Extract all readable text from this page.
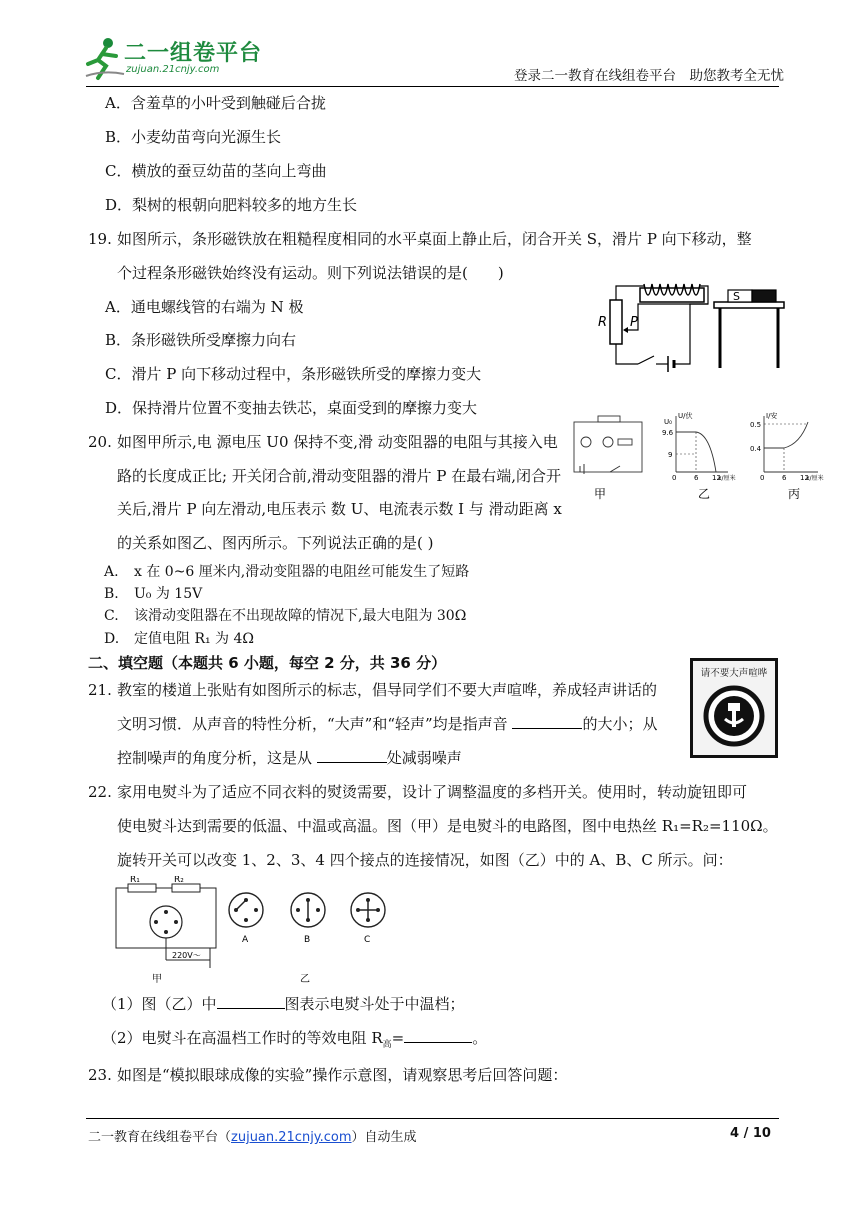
二一组卷平台
zujuan.21cnjy.com	登录二一教育在线组卷平台　助您教考全无忧
A．含羞草的小叶受到触碰后合拢
B．小麦幼苗弯向光源生长
C．横放的蚕豆幼苗的茎向上弯曲
D．梨树的根朝向肥料较多的地方生长
19. 如图所示，条形磁铁放在粗糙程度相同的水平桌面上静止后，闭合开关 S，滑片 P 向下移动，整
个过程条形磁铁始终没有运动。则下列说法错误的是(　　)
A．通电螺线管的右端为 N 极
B．条形磁铁所受摩擦力向右
C．滑片 P 向下移动过程中，条形磁铁所受的摩擦力变大
D．保持滑片位置不变抽去铁芯，桌面受到的摩擦力变大
R P
S
20. 如图甲所示,电 源电压 U0 保持不变,滑 动变阻器的电阻与其接入电
路的长度成正比; 开关闭合前,滑动变阻器的滑片 P 在最右端,闭合开
关后,滑片 P 向左滑动,电压表示 数 U、电流表示数 I 与 滑动距离 x
的关系如图乙、图丙所示。下列说法正确的是( )
A. x 在 0~6 厘米内,滑动变阻器的电阻丝可能发生了短路
B. U₀ 为 15V
C. 该滑动变阻器在不出现故障的情况下,最大电阻为 30Ω
D. 定值电阻 R₁ 为 4Ω
甲
U/伏
U₀
9.6
9
0	6 12
x/厘米
乙
I/安
0.5
0.4
0	6 12
x/厘米
丙
二、填空题（本题共 6 小题，每空 2 分，共 36 分）
21. 教室的楼道上张贴有如图所示的标志，倡导同学们不要大声喧哗，养成轻声讲话的
文明习惯．从声音的特性分析，“大声”和“轻声”均是指声音	的大小；从
控制噪声的角度分析，这是从	处减弱噪声
请不要大声喧哗
22. 家用电熨斗为了适应不同衣料的熨烫需要，设计了调整温度的多档开关。使用时，转动旋钮即可
使电熨斗达到需要的低温、中温或高温。图（甲）是电熨斗的电路图，图中电热丝 R₁=R₂=110Ω。
旋转开关可以改变 1、2、3、4 四个接点的连接情况，如图（乙）中的 A、B、C 所示。问：
R₁	R₂
220V～
甲
A	B	C
乙
（1）图（乙）中	图表示电熨斗处于中温档；
（2）电熨斗在高温档工作时的等效电阻 $R_高=$	。
23. 如图是“模拟眼球成像的实验”操作示意图，请观察思考后回答问题：
二一教育在线组卷平台（zujuan.21cnjy.com）自动生成	4 / 10
